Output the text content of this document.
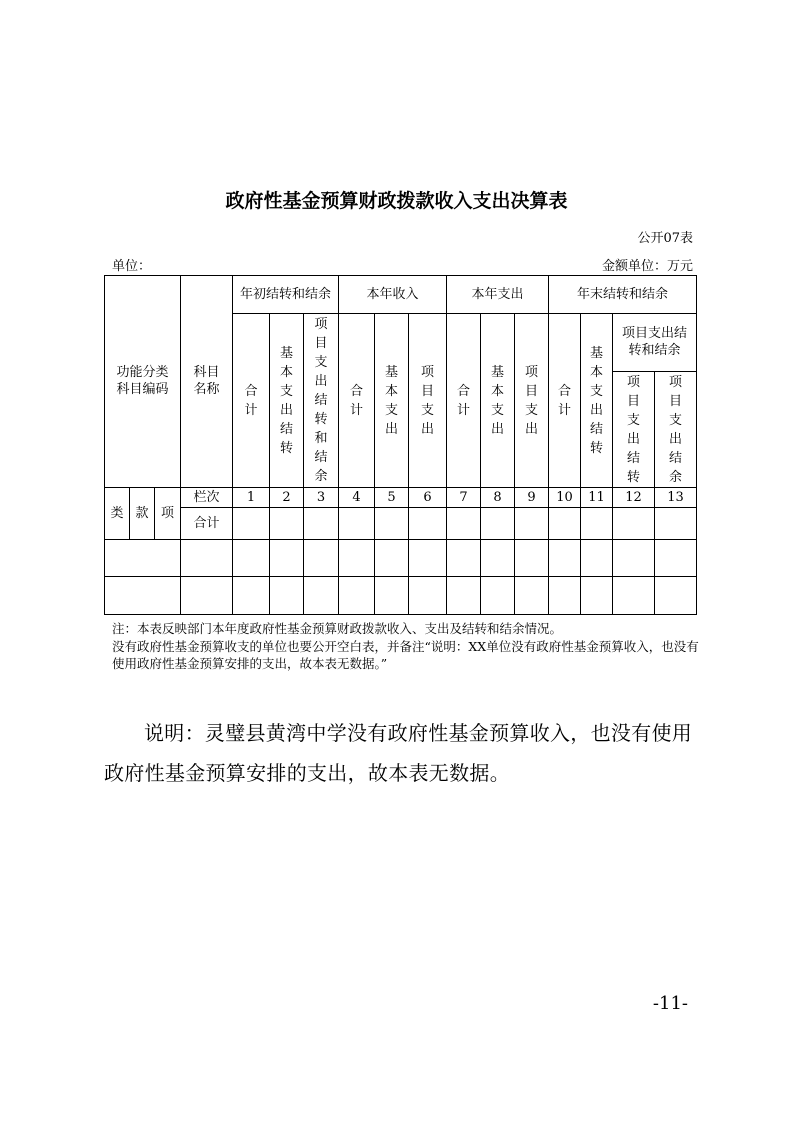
政府性基金预算财政拨款收入支出决算表
公开07表
单位：	金额单位：万元
功能分类科目编码			科目名称	年初结转和结余			本年收入			本年支出			年末结转和结余			
				合计	基本支出结转	项目支出结转和结余	合计	基本支出	项目支出	合计	基本支出	项目支出	合计	基本支出结转	项目支出结转和结余	
															项目支出结转	项目支出结余
类	款	项	栏次	1	2	3	4	5	6	7	8	9	10	11	12	13
			合计													

注：本表反映部门本年度政府性基金预算财政拨款收入、支出及结转和结余情况。
没有政府性基金预算收支的单位也要公开空白表，并备注“说明：XX单位没有政府性基金预算收入，也没有使用政府性基金预算安排的支出，故本表无数据。”
说明：灵璧县黄湾中学没有政府性基金预算收入，也没有使用政府性基金预算安排的支出，故本表无数据。
-11-
